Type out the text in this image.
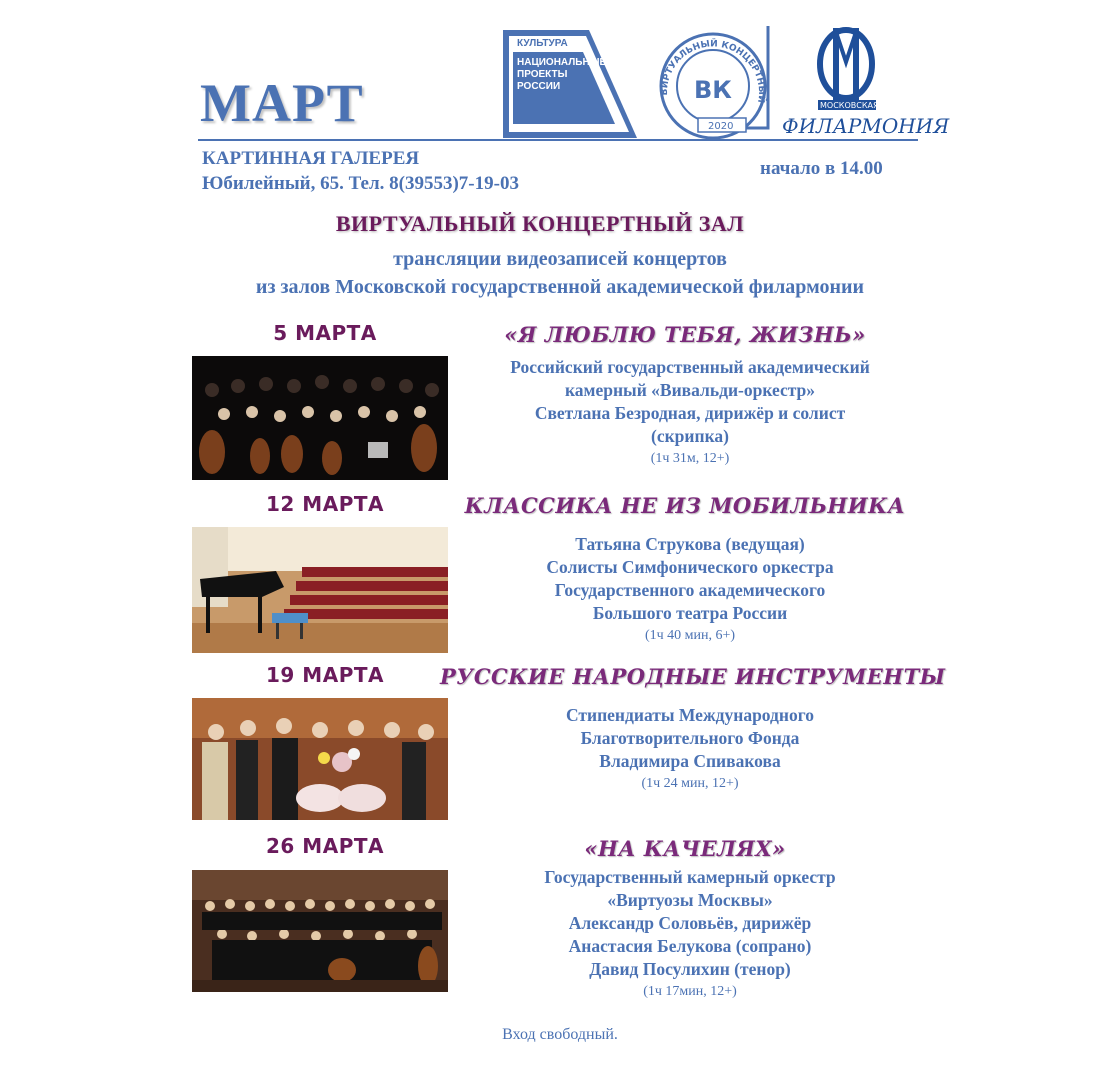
МАРТ
КАРТИННАЯ ГАЛЕРЕЯ
Юбилейный, 65. Тел. 8(39553)7-19-03
начало в 14.00
КУЛЬТУРА
НАЦИОНАЛЬНЫЕ
ПРОЕКТЫ
РОССИИ
ВИРТУАЛЬНЫЙ КОНЦЕРТНЫЙ
ВК
2020
МОСКОВСКАЯ
ФИЛАРМОНИЯ
ВИРТУАЛЬНЫЙ КОНЦЕРТНЫЙ ЗАЛ
трансляции видеозаписей концертов
из залов Московской государственной академической филармонии
5 МАРТА	«Я ЛЮБЛЮ ТЕБЯ, ЖИЗНЬ»
Российский государственный академический
камерный «Вивальди-оркестр»
Светлана Безродная, дирижёр и солист
(скрипка)
(1ч 31м, 12+)
12 МАРТА	КЛАССИКА НЕ ИЗ МОБИЛЬНИКА
Татьяна Струкова (ведущая)
Солисты Симфонического оркестра
Государственного академического
Большого театра России
(1ч 40 мин, 6+)
19 МАРТА	РУССКИЕ НАРОДНЫЕ ИНСТРУМЕНТЫ
Стипендиаты Международного
Благотворительного Фонда
Владимира Спивакова
(1ч 24 мин, 12+)
26 МАРТА	«НА КАЧЕЛЯХ»
Государственный камерный оркестр
«Виртуозы Москвы»
Александр Соловьёв, дирижёр
Анастасия Белукова (сопрано)
Давид Посулихин (тенор)
(1ч 17мин, 12+)
Вход свободный.
